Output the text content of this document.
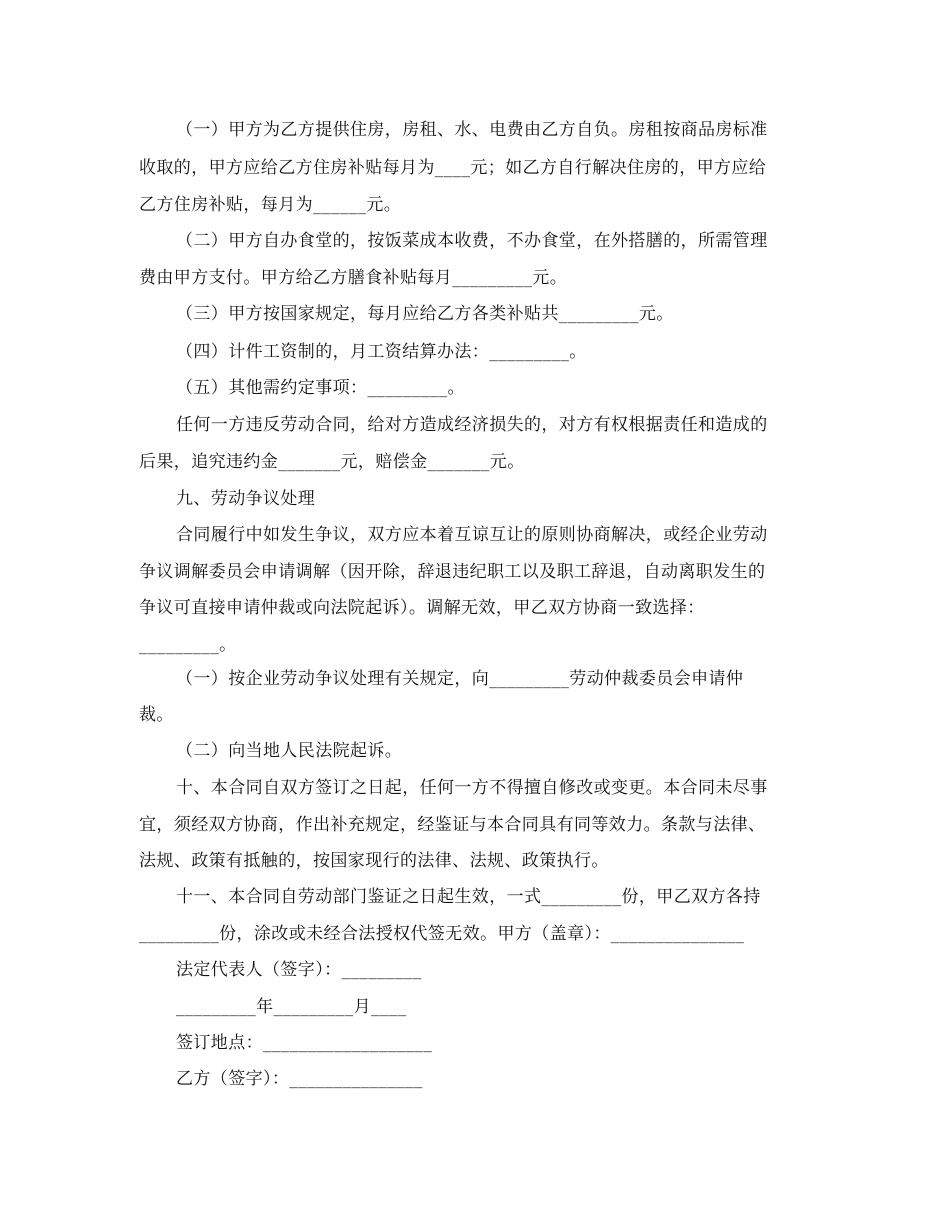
（一）甲方为乙方提供住房，房租、水、电费由乙方自负。房租按商品房标准
收取的，甲方应给乙方住房补贴每月为____元；如乙方自行解决住房的，甲方应给
乙方住房补贴，每月为______元。
（二）甲方自办食堂的，按饭菜成本收费，不办食堂，在外搭膳的，所需管理
费由甲方支付。甲方给乙方膳食补贴每月_________元。
（三）甲方按国家规定，每月应给乙方各类补贴共_________元。
（四）计件工资制的，月工资结算办法：_________。
（五）其他需约定事项：_________。
任何一方违反劳动合同，给对方造成经济损失的，对方有权根据责任和造成的
后果，追究违约金_______元，赔偿金_______元。
九、劳动争议处理
合同履行中如发生争议，双方应本着互谅互让的原则协商解决，或经企业劳动
争议调解委员会申请调解（因开除，辞退违纪职工以及职工辞退，自动离职发生的
争议可直接申请仲裁或向法院起诉）。调解无效，甲乙双方协商一致选择：
_________。
（一）按企业劳动争议处理有关规定，向_________劳动仲裁委员会申请仲
裁。
（二）向当地人民法院起诉。
十、本合同自双方签订之日起，任何一方不得擅自修改或变更。本合同未尽事
宜，须经双方协商，作出补充规定，经鉴证与本合同具有同等效力。条款与法律、
法规、政策有抵触的，按国家现行的法律、法规、政策执行。
十一、本合同自劳动部门鉴证之日起生效，一式_________份，甲乙双方各持
_________份，涂改或未经合法授权代签无效。甲方（盖章）：_______________
法定代表人（签字）：_________
_________年_________月____
签订地点：___________________
乙方（签字）：_______________
